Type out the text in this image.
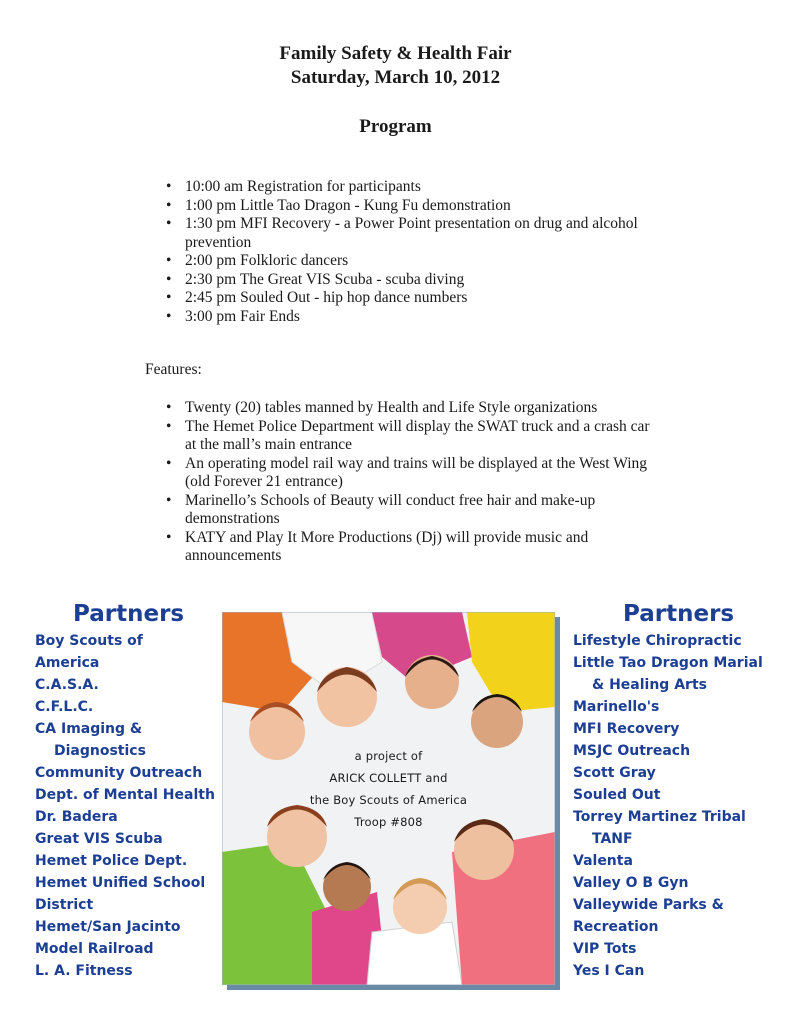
Family Safety & Health Fair
Saturday, March 10, 2012
Program
• 10:00 am Registration for participants
• 1:00 pm Little Tao Dragon - Kung Fu demonstration
• 1:30 pm MFI Recovery - a Power Point presentation on drug and alcohol prevention
• 2:00 pm Folkloric dancers
• 2:30 pm The Great VIS Scuba - scuba diving
• 2:45 pm Souled Out - hip hop dance numbers
• 3:00 pm Fair Ends
Features:
• Twenty (20) tables manned by Health and Life Style organizations
• The Hemet Police Department will display the SWAT truck and a crash car at the mall’s main entrance
• An operating model rail way and trains will be displayed at the West Wing (old Forever 21 entrance)
• Marinello’s Schools of Beauty will conduct free hair and make-up demonstrations
• KATY and Play It More Productions (Dj) will provide music and announcements
Partners
Boy Scouts of
America
C.A.S.A.
C.F.L.C.
CA Imaging &
Diagnostics
Community Outreach
Dept. of Mental Health
Dr. Badera
Great VIS Scuba
Hemet Police Dept.
Hemet Unified School
District
Hemet/San Jacinto
Model Railroad
L. A. Fitness
Partners
Lifestyle Chiropractic
Little Tao Dragon Marial
& Healing Arts
Marinello's
MFI Recovery
MSJC Outreach
Scott Gray
Souled Out
Torrey Martinez Tribal
TANF
Valenta
Valley O B Gyn
Valleywide Parks &
Recreation
VIP Tots
Yes I Can
a project of
ARICK COLLETT and
the Boy Scouts of America
Troop #808
